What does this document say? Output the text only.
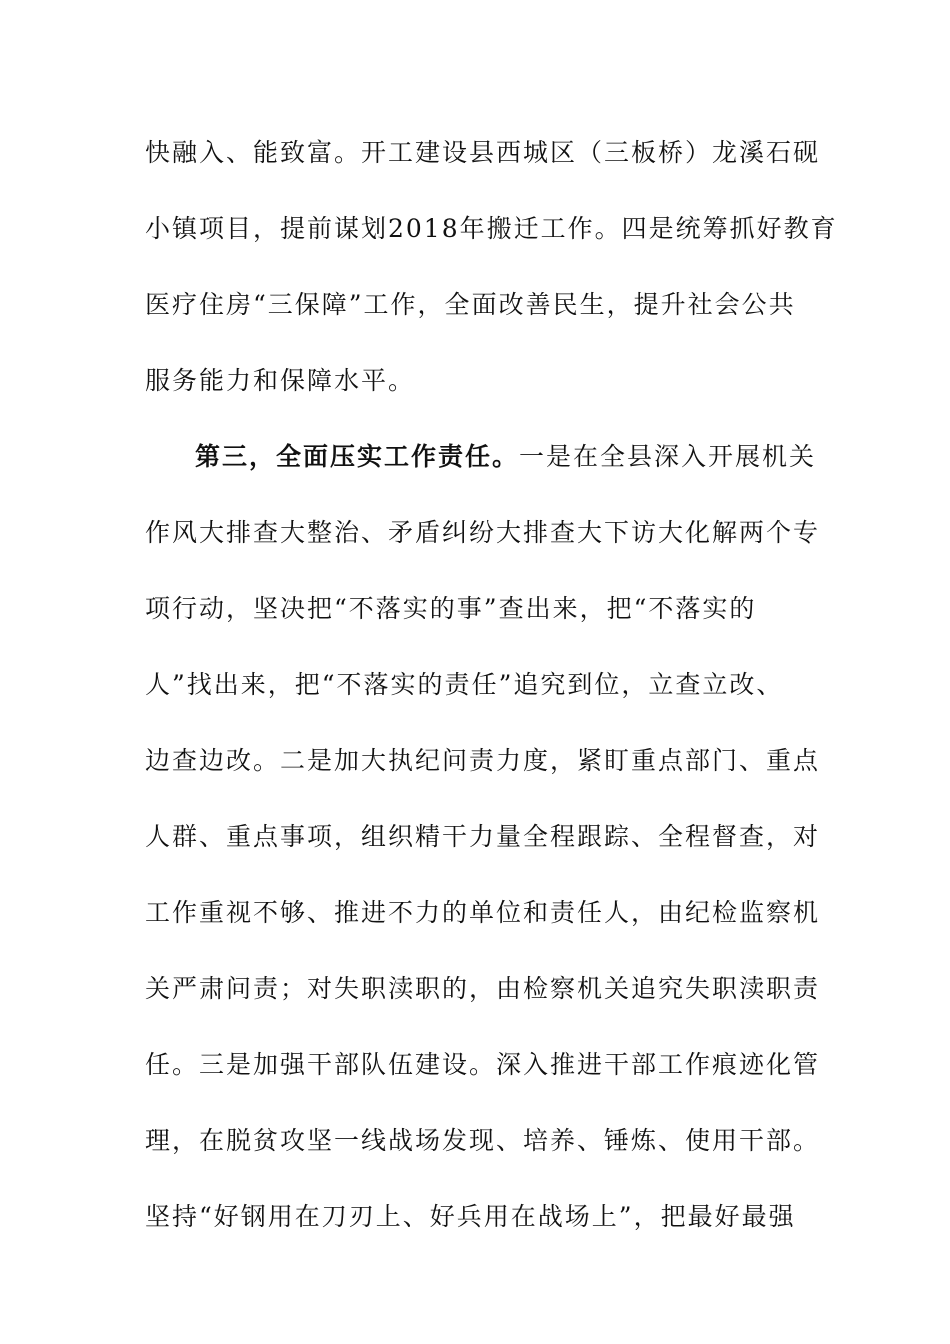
快融入、能致富。开工建设县西城区（三板桥）龙溪石砚
小镇项目，提前谋划2018年搬迁工作。四是统筹抓好教育
医疗住房“三保障”工作，全面改善民生，提升社会公共
服务能力和保障水平。
第三，全面压实工作责任。一是在全县深入开展机关
作风大排查大整治、矛盾纠纷大排查大下访大化解两个专
项行动，坚决把“不落实的事”查出来，把“不落实的
人”找出来，把“不落实的责任”追究到位，立查立改、
边查边改。二是加大执纪问责力度，紧盯重点部门、重点
人群、重点事项，组织精干力量全程跟踪、全程督查，对
工作重视不够、推进不力的单位和责任人，由纪检监察机
关严肃问责；对失职渎职的，由检察机关追究失职渎职责
任。三是加强干部队伍建设。深入推进干部工作痕迹化管
理，在脱贫攻坚一线战场发现、培养、锤炼、使用干部。
坚持“好钢用在刀刃上、好兵用在战场上”，把最好最强
